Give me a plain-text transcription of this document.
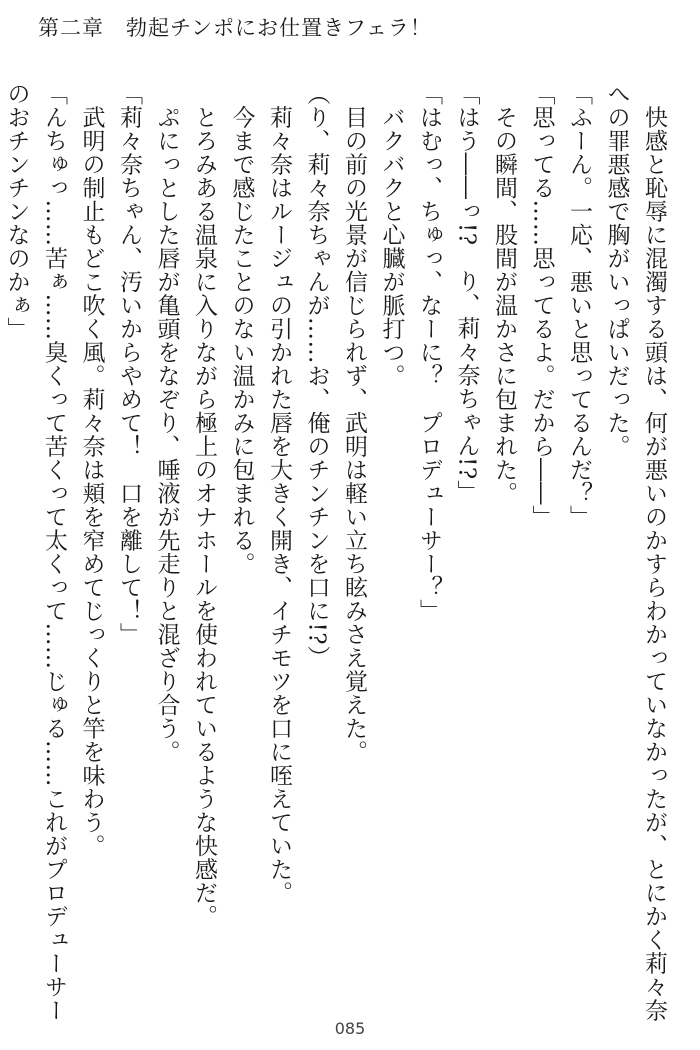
第二章　勃起チンポにお仕置きフェラ！

　快感と恥辱に混濁する頭は、何が悪いのかすらわかっていなかったが、とにかく莉々奈

への罪悪感で胸がいっぱいだった。

「ふーん。一応、悪いと思ってるんだ？」

「思ってる……思ってるよ。だから――」

　その瞬間、股間が温かさに包まれた。

「はう――っ!?　り、莉々奈ちゃん!?」

「はむっ、ちゅっ、なーに？　プロデューサー？」

　バクバクと心臓が脈打つ。

　目の前の光景が信じられず、武明は軽い立ち眩みさえ覚えた。

（り、莉々奈ちゃんが……お、俺のチンチンを口に!?）

　莉々奈はルージュの引かれた唇を大きく開き、イチモツを口に咥えていた。

　今まで感じたことのない温かみに包まれる。

　とろみある温泉に入りながら極上のオナホールを使われているような快感だ。

　ぷにっとした唇が亀頭をなぞり、唾液が先走りと混ざり合う。

「莉々奈ちゃん、汚いからやめて！　口を離して！」

　武明の制止もどこ吹く風。莉々奈は頬を窄めてじっくりと竿を味わう。

「んちゅっ……苦ぁ……臭くって苦くって太くって……じゅる……これがプロデューサー

のおチンチンなのかぁ」

085
